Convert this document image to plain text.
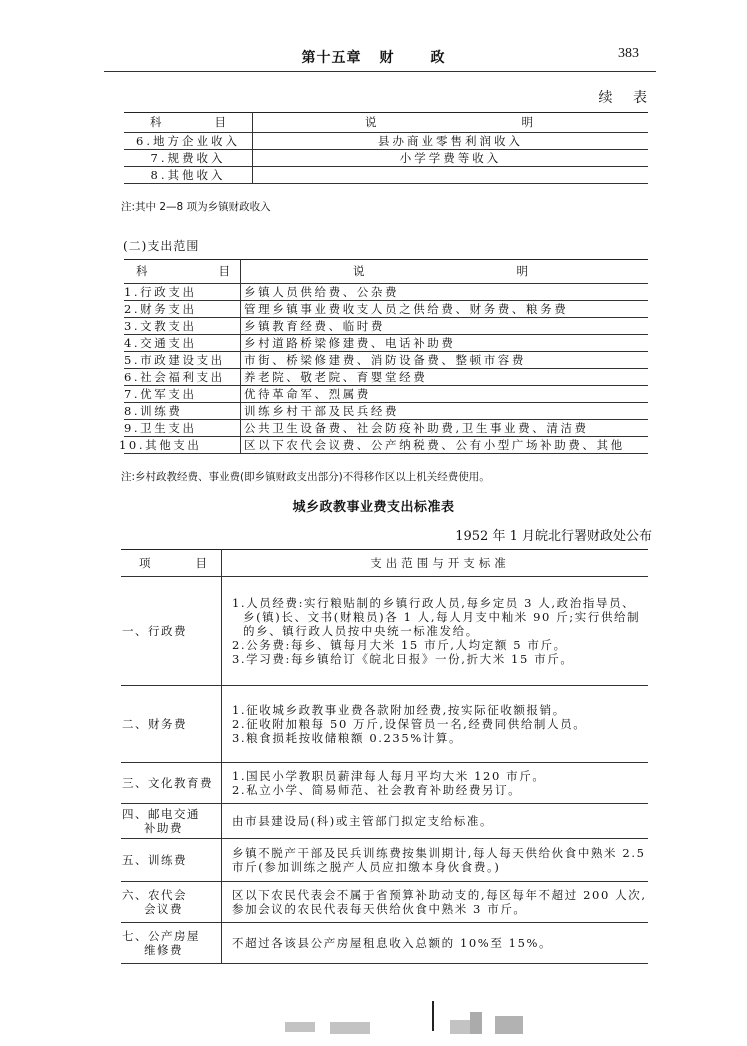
第十五章 财	政	383
续 表
科 目	说 明

6.地方企业收入	县办商业零售利润收入
7.规费收入	小学学费等收入
8.其他收入	
注:其中 2—8 项为乡镇财政收入
(二)支出范围
科 目	说 明

1.行政支出	乡镇人员供给费、公杂费
2.财务支出	管理乡镇事业费收支人员之供给费、财务费、粮务费
3.文教支出	乡镇教育经费、临时费
4.交通支出	乡村道路桥梁修建费、电话补助费
5.市政建设支出	市街、桥梁修建费、消防设备费、整顿市容费
6.社会福利支出	养老院、敬老院、育婴堂经费
7.优军支出	优待革命军、烈属费
8.训练费	训练乡村干部及民兵经费
9.卫生支出	公共卫生设备费、社会防疫补助费,卫生事业费、清洁费
10.其他支出	区以下农代会议费、公产纳税费、公有小型广场补助费、其他
注:乡村政教经费、事业费(即乡镇财政支出部分)不得移作区以上机关经费使用。
城乡政教事业费支出标准表
1952 年 1 月皖北行署财政处公布
项 目	支出范围与开支标准
一、行政费	1.人员经费:实行粮贴制的乡镇行政人员,每乡定员 3 人,政治指导员、乡(镇)长、文书(财粮员)各 1 人,每人月支中籼米 90 斤;实行供给制的乡、镇行政人员按中央统一标准发给。
2.公务费:每乡、镇每月大米 15 市斤,人均定额 5 市斤。
3.学习费:每乡镇给订《皖北日报》一份,折大米 15 市斤。

二、财务费	1.征收城乡政教事业费各款附加经费,按实际征收额报销。
2.征收附加粮每 50 万斤,设保管员一名,经费同供给制人员。
3.粮食损耗按收储粮额 0.235%计算。

三、文化教育费	1.国民小学教职员薪津每人每月平均大米 120 市斤。
2.私立小学、简易师范、社会教育补助经费另订。

四、邮电交通
补助费	由市县建设局(科)或主管部门拟定支给标准。
五、训练费	乡镇不脱产干部及民兵训练费按集训期计,每人每天供给伙食中熟米 2.5 市斤(参加训练之脱产人员应扣缴本身伙食费。)

六、农代会
会议费	区以下农民代表会不属于省预算补助动支的,每区每年不超过 200 人次,参加会议的农民代表每天供给伙食中熟米 3 市斤。

七、公产房屋
维修费	不超过各该县公产房屋租息收入总额的 10%至 15%。
